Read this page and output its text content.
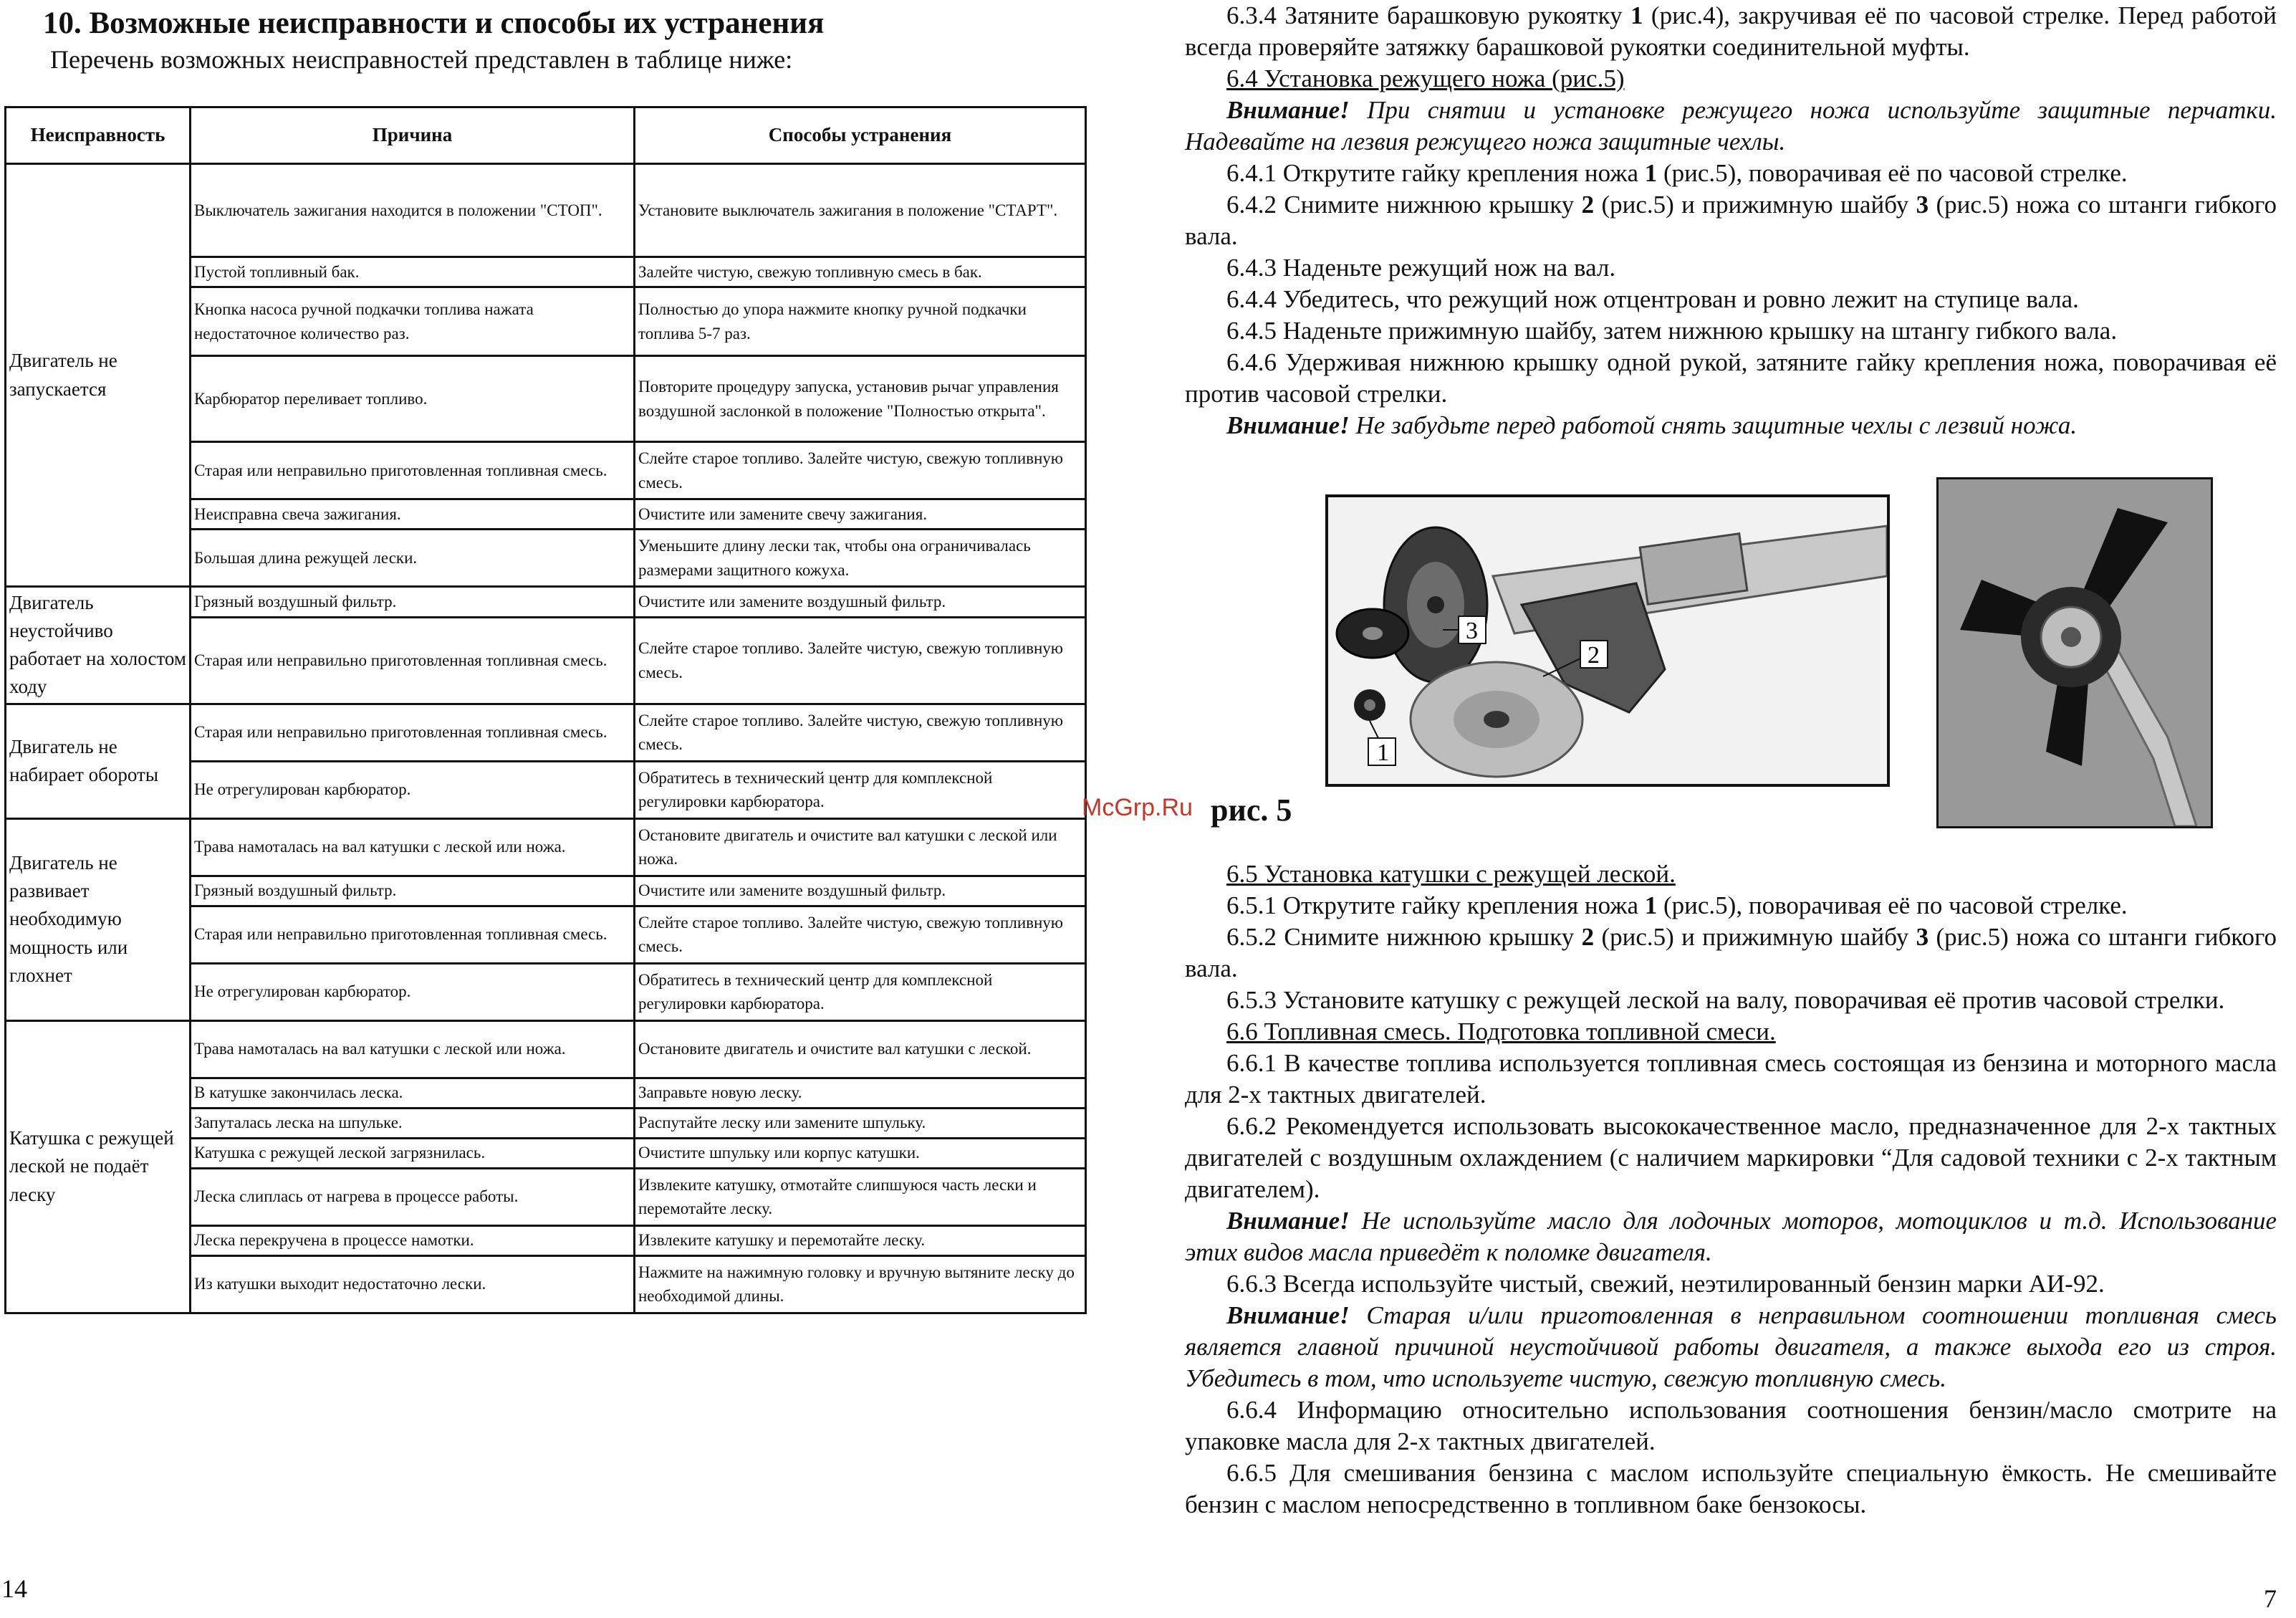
10. Возможные неисправности и способы их устранения
Перечень возможных неисправностей представлен в таблице ниже:
Неисправность	Причина	Способы устранения
Двигатель не запускается	Выключатель зажигания находится в положении "СТОП".	Установите выключатель зажигания в положение "СТАРТ".
	Пустой топливный бак.	Залейте чистую, свежую топливную смесь в бак.
	Кнопка насоса ручной подкачки топлива нажата недостаточное количество раз.	Полностью до упора нажмите кнопку ручной подкачки топлива 5-7 раз.
	Карбюратор переливает топливо.	Повторите процедуру запуска, установив рычаг управления воздушной заслонкой в положение "Полностью открыта".
	Старая или неправильно приготовленная топливная смесь.	Слейте старое топливо. Залейте чистую, свежую топливную смесь.
	Неисправна свеча зажигания.	Очистите или замените свечу зажигания.
	Большая длина режущей лески.	Уменьшите длину лески так, чтобы она ограничивалась размерами защитного кожуха.
Двигатель неустойчиво работает на холостом ходу	Грязный воздушный фильтр.	Очистите или замените воздушный фильтр.
	Старая или неправильно приготовленная топливная смесь.	Слейте старое топливо. Залейте чистую, свежую топливную смесь.
Двигатель не набирает обороты	Старая или неправильно приготовленная топливная смесь.	Слейте старое топливо. Залейте чистую, свежую топливную смесь.
	Не отрегулирован карбюратор.	Обратитесь в технический центр для комплексной регулировки карбюратора.
Двигатель не развивает необходимую мощность или глохнет	Трава намоталась на вал катушки с леской или ножа.	Остановите двигатель и очистите вал катушки с леской или ножа.
	Грязный воздушный фильтр.	Очистите или замените воздушный фильтр.
	Старая или неправильно приготовленная топливная смесь.	Слейте старое топливо. Залейте чистую, свежую топливную смесь.
	Не отрегулирован карбюратор.	Обратитесь в технический центр для комплексной регулировки карбюратора.
Катушка с режущей леской не подаёт леску	Трава намоталась на вал катушки с леской или ножа.	Остановите двигатель и очистите вал катушки с леской.
	В катушке закончилась леска.	Заправьте новую леску.
	Запуталась леска на шпульке.	Распутайте леску или замените шпульку.
	Катушка с режущей леской загрязнилась.	Очистите шпульку или корпус катушки.
	Леска слиплась от нагрева в процессе работы.	Извлеките катушку, отмотайте слипшуюся часть лески и перемотайте леску.
	Леска перекручена в процессе намотки.	Извлеките катушку и перемотайте леску.
	Из катушки выходит недостаточно лески.	Нажмите на нажимную головку и вручную вытяните леску до необходимой длины.
14

6.3.4 Затяните барашковую рукоятку 1 (рис.4), закручивая её по часовой стрелке. Перед работой всегда проверяйте затяжку барашковой рукоятки соединительной муфты.

6.4 Установка режущего ножа (рис.5)

Внимание! При снятии и установке режущего ножа используйте защитные перчатки. Надевайте на лезвия режущего ножа защитные чехлы.

6.4.1 Открутите гайку крепления ножа 1 (рис.5), поворачивая её по часовой стрелке.

6.4.2 Снимите нижнюю крышку 2 (рис.5) и прижимную шайбу 3 (рис.5) ножа со штанги гибкого вала.

6.4.3 Наденьте режущий нож на вал.

6.4.4 Убедитесь, что режущий нож отцентрован и ровно лежит на ступице вала.

6.4.5 Наденьте прижимную шайбу, затем нижнюю крышку на штангу гибкого вала.

6.4.6 Удерживая нижнюю крышку одной рукой, затяните гайку крепления ножа, поворачивая её против часовой стрелки.

Внимание! Не забудьте перед работой снять защитные чехлы с лезвий ножа.

3
2
1
McGrp.Ru рис. 5

6.5 Установка катушки с режущей леской.

6.5.1 Открутите гайку крепления ножа 1 (рис.5), поворачивая её по часовой стрелке.

6.5.2 Снимите нижнюю крышку 2 (рис.5) и прижимную шайбу 3 (рис.5) ножа со штанги гибкого вала.

6.5.3 Установите катушку с режущей леской на валу, поворачивая её против часовой стрелки.

6.6 Топливная смесь. Подготовка топливной смеси.

6.6.1 В качестве топлива используется топливная смесь состоящая из бензина и моторного масла для 2-х тактных двигателей.

6.6.2 Рекомендуется использовать высококачественное масло, предназначенное для 2-х тактных двигателей с воздушным охлаждением (с наличием маркировки “Для садовой техники с 2-х тактным двигателем).

Внимание! Не используйте масло для лодочных моторов, мотоциклов и т.д. Использование этих видов масла приведёт к поломке двигателя.

6.6.3 Всегда используйте чистый, свежий, неэтилированный бензин марки АИ-92.

Внимание! Старая и/или приготовленная в неправильном соотношении топливная смесь является главной причиной неустойчивой работы двигателя, а также выхода его из строя. Убедитесь в том, что используете чистую, свежую топливную смесь.

6.6.4 Информацию относительно использования соотношения бензин/масло смотрите на упаковке масла для 2-х тактных двигателей.

6.6.5 Для смешивания бензина с маслом используйте специальную ёмкость. Не смешивайте бензин с маслом непосредственно в топливном баке бензокосы.

7
